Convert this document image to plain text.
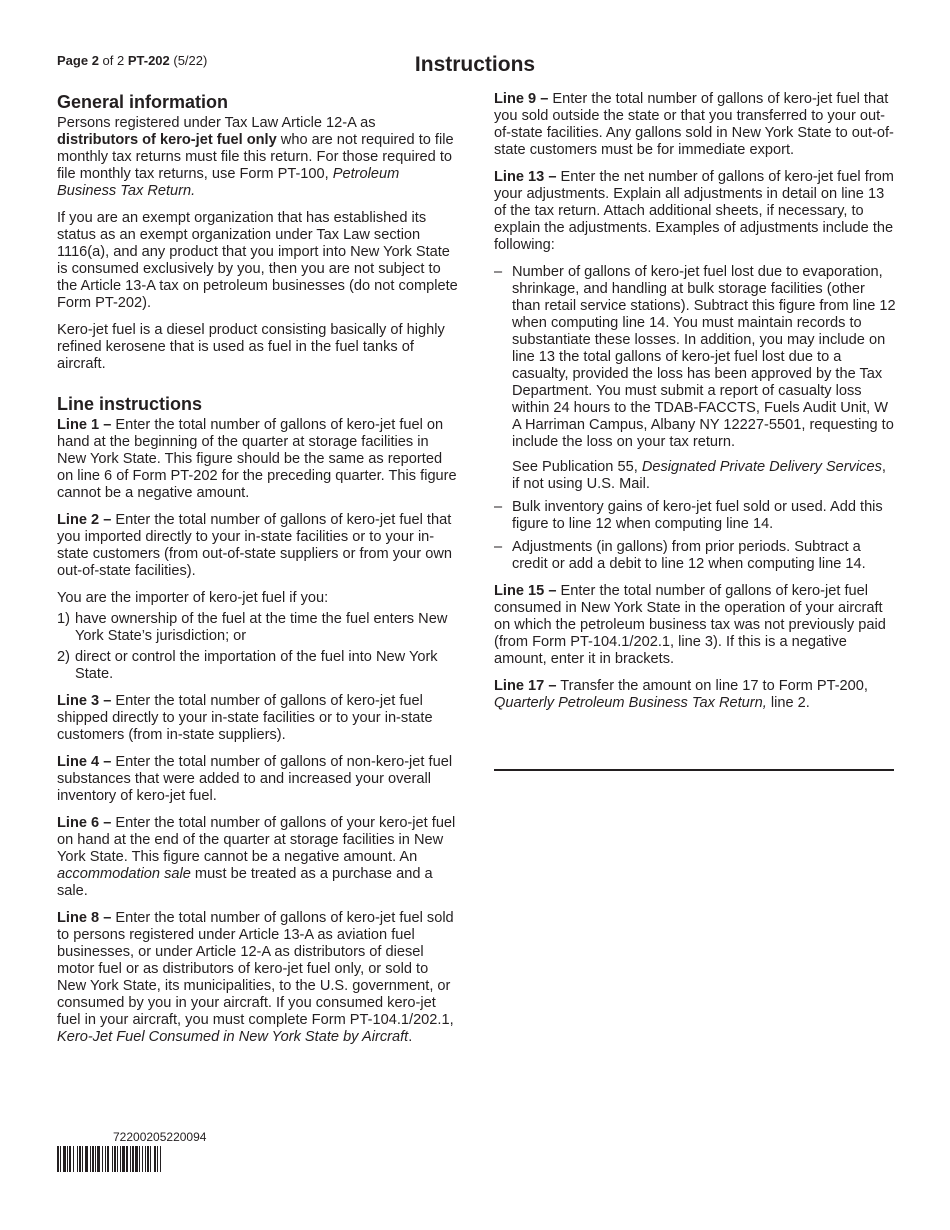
Page 2 of 2 PT-202 (5/22)	Instructions
General information

Persons registered under Tax Law Article 12-A as distributors of kero-jet fuel only who are not required to file monthly tax returns must file this return. For those required to file monthly tax returns, use Form PT-100, Petroleum Business Tax Return.

If you are an exempt organization that has established its status as an exempt organization under Tax Law section 1116(a), and any product that you import into New York State is consumed exclusively by you, then you are not subject to the Article 13-A tax on petroleum businesses (do not complete Form PT-202).

Kero-jet fuel is a diesel product consisting basically of highly refined kerosene that is used as fuel in the fuel tanks of aircraft.

Line instructions

Line 1 – Enter the total number of gallons of kero-jet fuel on hand at the beginning of the quarter at storage facilities in New York State. This figure should be the same as reported on line 6 of Form PT-202 for the preceding quarter. This figure cannot be a negative amount.

Line 2 – Enter the total number of gallons of kero-jet fuel that you imported directly to your in-state facilities or to your in-state customers (from out-of-state suppliers or from your own out-of-state facilities).

You are the importer of kero-jet fuel if you:

1) have ownership of the fuel at the time the fuel enters New York State’s jurisdiction; or
2) direct or control the importation of the fuel into New York State.

Line 3 – Enter the total number of gallons of kero-jet fuel shipped directly to your in-state facilities or to your in-state customers (from in-state suppliers).

Line 4 – Enter the total number of gallons of non-kero-jet fuel substances that were added to and increased your overall inventory of kero-jet fuel.

Line 6 – Enter the total number of gallons of your kero-jet fuel on hand at the end of the quarter at storage facilities in New York State. This figure cannot be a negative amount. An accommodation sale must be treated as a purchase and a sale.

Line 8 – Enter the total number of gallons of kero-jet fuel sold to persons registered under Article 13-A as aviation fuel businesses, or under Article 12-A as distributors of diesel motor fuel or as distributors of kero-jet fuel only, or sold to New York State, its municipalities, to the U.S. government, or consumed by you in your aircraft. If you consumed kero-jet fuel in your aircraft, you must complete Form PT-104.1/202.1, Kero-Jet Fuel Consumed in New York State by Aircraft.

Line 9 – Enter the total number of gallons of kero-jet fuel that you sold outside the state or that you transferred to your out-of-state facilities. Any gallons sold in New York State to out-of-state customers must be for immediate export.

Line 13 – Enter the net number of gallons of kero-jet fuel from your adjustments. Explain all adjustments in detail on line 13 of the tax return. Attach additional sheets, if necessary, to explain the adjustments. Examples of adjustments include the following:

– Number of gallons of kero-jet fuel lost due to evaporation, shrinkage, and handling at bulk storage facilities (other than retail service stations). Subtract this figure from line 12 when computing line 14. You must maintain records to substantiate these losses. In addition, you may include on line 13 the total gallons of kero-jet fuel lost due to a casualty, provided the loss has been approved by the Tax Department. You must submit a report of casualty loss within 24 hours to the TDAB-FACCTS, Fuels Audit Unit, W A Harriman Campus, Albany NY 12227-5501, requesting to include the loss on your tax return.
See Publication 55, Designated Private Delivery Services, if not using U.S. Mail.
– Bulk inventory gains of kero-jet fuel sold or used. Add this figure to line 12 when computing line 14.
– Adjustments (in gallons) from prior periods. Subtract a credit or add a debit to line 12 when computing line 14.

Line 15 – Enter the total number of gallons of kero-jet fuel consumed in New York State in the operation of your aircraft on which the petroleum business tax was not previously paid (from Form PT-104.1/202.1, line 3). If this is a negative amount, enter it in brackets.

Line 17 – Transfer the amount on line 17 to Form PT-200, Quarterly Petroleum Business Tax Return, line 2.

72200205220094
